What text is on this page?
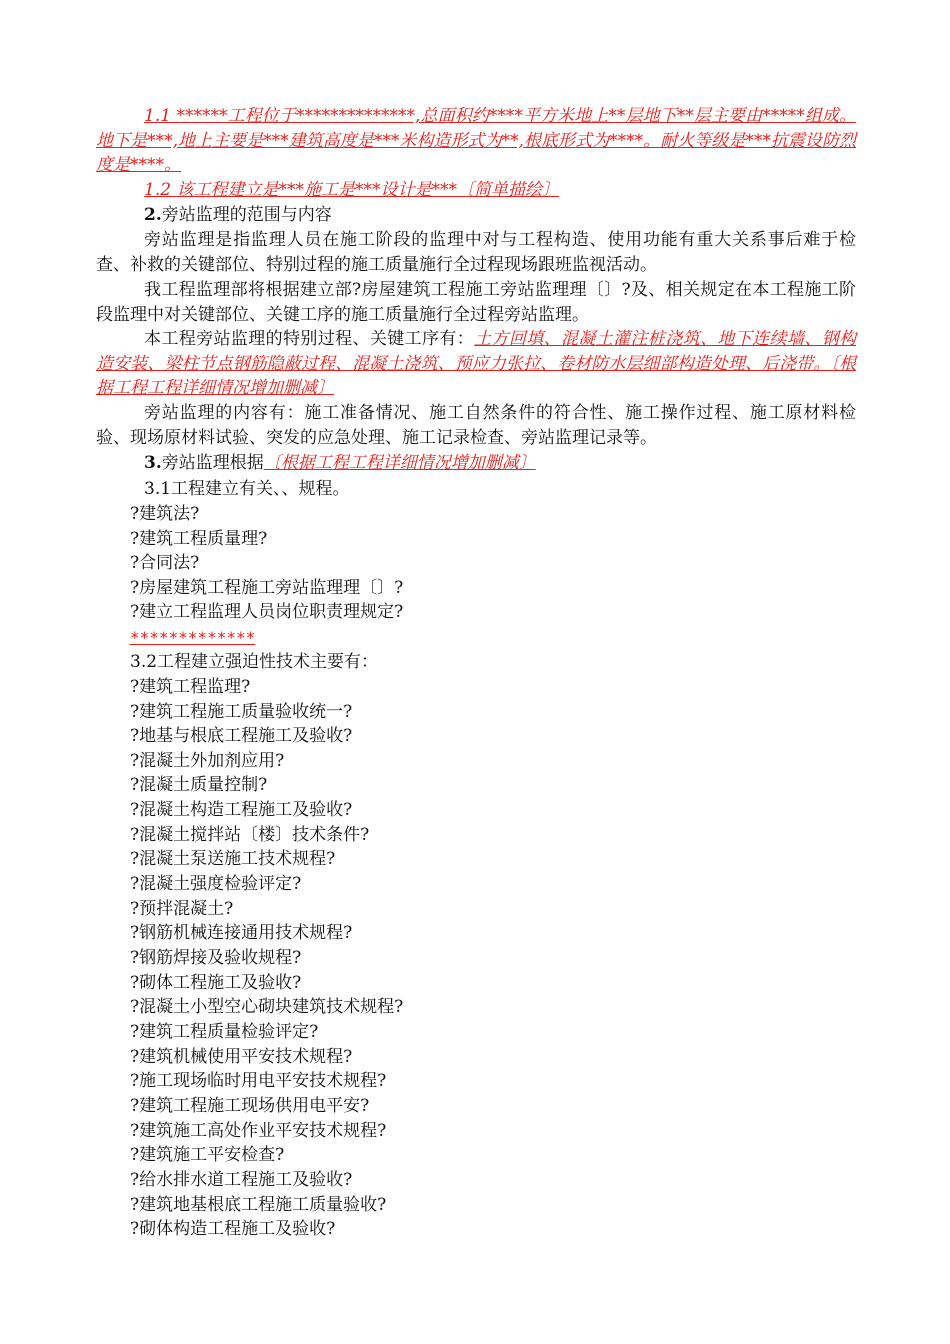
1.1 ******工程位于**************,总面积约****平方米地上**层地下**层主要由*****组成。地下是***,地上主要是***建筑高度是***米构造形式为**,根底形式为****。耐火等级是***抗震设防烈度是****。

1.2 该工程建立是***施工是***设计是***〔简单描绘〕

2.旁站监理的范围与内容

旁站监理是指监理人员在施工阶段的监理中对与工程构造、使用功能有重大关系事后难于检查、补救的关键部位、特别过程的施工质量施行全过程现场跟班监视活动。

我工程监理部将根据建立部?房屋建筑工程施工旁站监理理〔〕?及、相关规定在本工程施工阶段监理中对关键部位、关键工序的施工质量施行全过程旁站监理。

本工程旁站监理的特别过程、关键工序有：土方回填、混凝土灌注桩浇筑、地下连续墙、钢构造安装、梁柱节点钢筋隐蔽过程、混凝土浇筑、预应力张拉、卷材防水层细部构造处理、后浇带。〔根据工程工程详细情况增加删减〕

旁站监理的内容有：施工准备情况、施工自然条件的符合性、施工操作过程、施工原材料检验、现场原材料试验、突发的应急处理、施工记录检查、旁站监理记录等。

3.旁站监理根据〔根据工程工程详细情况增加删减〕

3.1工程建立有关、、规程。

?建筑法?
?建筑工程质量理?
?合同法?
?房屋建筑工程施工旁站监理理〔〕?
?建立工程监理人员岗位职责理规定?
*************

3.2工程建立强迫性技术主要有：

?建筑工程监理?
?建筑工程施工质量验收统一?
?地基与根底工程施工及验收?
?混凝土外加剂应用?
?混凝土质量控制?
?混凝土构造工程施工及验收?
?混凝土搅拌站〔楼〕技术条件?
?混凝土泵送施工技术规程?
?混凝土强度检验评定?
?预拌混凝土?
?钢筋机械连接通用技术规程?
?钢筋焊接及验收规程?
?砌体工程施工及验收?
?混凝土小型空心砌块建筑技术规程?
?建筑工程质量检验评定?
?建筑机械使用平安技术规程?
?施工现场临时用电平安技术规程?
?建筑工程施工现场供用电平安?
?建筑施工高处作业平安技术规程?
?建筑施工平安检查?
?给水排水道工程施工及验收?
?建筑地基根底工程施工质量验收?
?砌体构造工程施工及验收?
